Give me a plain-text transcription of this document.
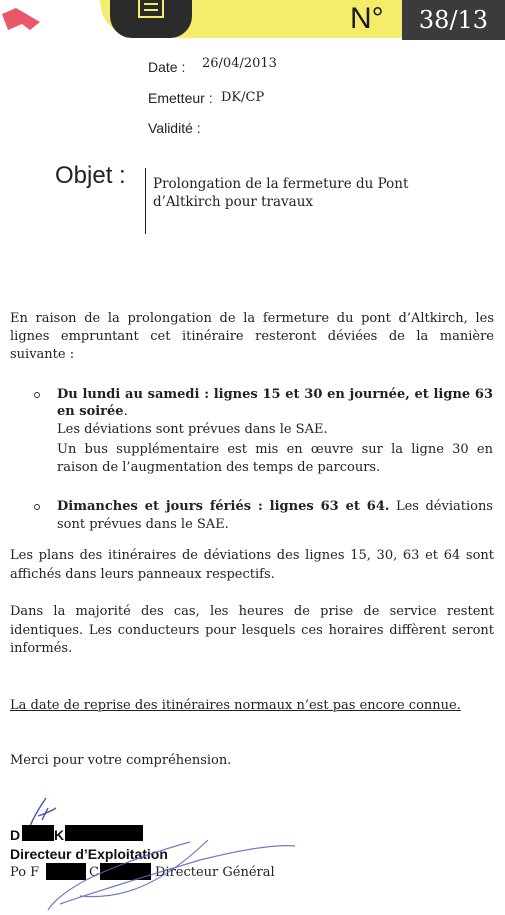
N°	38/13
Date : 26/04/2013
Emetteur : DK/CP
Validité :
Objet : Prolongation de la fermeture du Pont
d’Altkirch pour travaux
En raison de la prolongation de la fermeture du pont d’Altkirch, les
lignes empruntant cet itinéraire resteront déviées de la manière
suivante :
Du lundi au samedi : lignes 15 et 30 en journée, et ligne 63
en soirée.
Les déviations sont prévues dans le SAE.
Un bus supplémentaire est mis en œuvre sur la ligne 30 en
raison de l’augmentation des temps de parcours.
Dimanches et jours fériés : lignes 63 et 64. Les déviations
sont prévues dans le SAE.
Les plans des itinéraires de déviations des lignes 15, 30, 63 et 64 sont
affichés dans leurs panneaux respectifs.
Dans la majorité des cas, les heures de prise de service restent
identiques. Les conducteurs pour lesquels ces horaires diffèrent seront
informés.
La date de reprise des itinéraires normaux n’est pas encore connue.
Merci pour votre compréhension.
D K
Directeur d’Exploitation
Po F	C	Directeur Général
